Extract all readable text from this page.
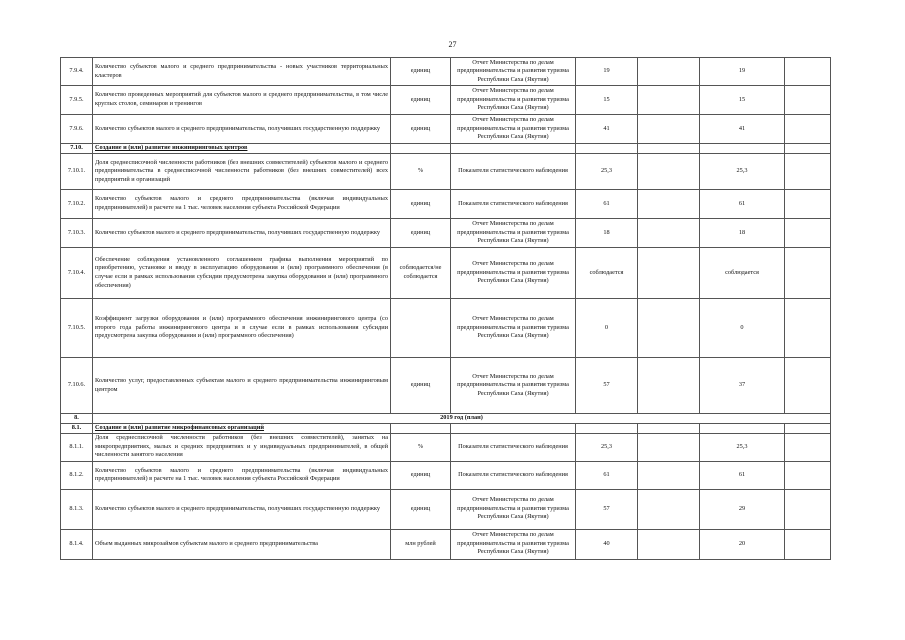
27
7.9.4.	Количество субъектов малого и среднего предпринимательства - новых участников территориальных кластеров	единиц	Отчет Министерства по делам предпринимательства и развития туризма Республики Саха (Якутия)	19		19	
7.9.5.	Количество проведенных мероприятий для субъектов малого и среднего предпринимательства, в том числе круглых столов, семинаров и тренингов	единиц	Отчет Министерства по делам предпринимательства и развития туризма Республики Саха (Якутия)	15		15	
7.9.6.	Количество субъектов малого и среднего предпринимательства, получивших государственную поддержку	единиц	Отчет Министерства по делам предпринимательства и развития туризма Республики Саха (Якутия)	41		41	
7.10.	Создание и (или) развитие инжиниринговых центров						
7.10.1.	Доля среднесписочной численности работников (без внешних совместителей) субъектов малого и среднего предпринимательства в среднесписочной численности работников (без внешних совместителей) всех предприятий и организаций	%	Показатели статистического наблюдения	25,3		25,3	
7.10.2.	Количество субъектов малого и среднего предпринимательства (включая индивидуальных предпринимателей) в расчете на 1 тыс. человек населения субъекта Российской Федерации	единиц	Показатели статистического наблюдения	61		61	
7.10.3.	Количество субъектов малого и среднего предпринимательства, получивших государственную поддержку	единиц	Отчет Министерства по делам предпринимательства и развития туризма Республики Саха (Якутия)	18		18	
7.10.4.	Обеспечение соблюдения установленного соглашением графика выполнения мероприятий по приобретению, установке и вводу в эксплуатацию оборудования и (или) программного обеспечения (в случае если в рамках использования субсидии предусмотрена закупка оборудования и (или) программного обеспечения)	соблюдается/не соблюдается	Отчет Министерства по делам предпринимательства и развития туризма Республики Саха (Якутия)	соблюдается		соблюдается	
7.10.5.	Коэффициент загрузки оборудования и (или) программного обеспечения инжинирингового центра (со второго года работы инжинирингового центра и в случае если в рамках использования субсидии предусмотрена закупка оборудования и (или) программного обеспечения)		Отчет Министерства по делам предпринимательства и развития туризма Республики Саха (Якутия)	0		0	
7.10.6.	Количество услуг, предоставленных субъектам малого и среднего предпринимательства инжиниринговым центром	единиц	Отчет Министерства по делам предпринимательства и развития туризма Республики Саха (Якутия)	57		37	
8.	2019 год (план)						
8.1.	Создание и (или) развитие микрофинансовых организаций						
8.1.1.	Доля среднесписочной численности работников (без внешних совместителей), занятых на микропредприятиях, малых и средних предприятиях и у индивидуальных предпринимателей, в общей численности занятого населения	%	Показатели статистического наблюдения	25,3		25,3	
8.1.2.	Количество субъектов малого и среднего предпринимательства (включая индивидуальных предпринимателей) в расчете на 1 тыс. человек населения субъекта Российской Федерации	единиц	Показатели статистического наблюдения	61		61	
8.1.3.	Количество субъектов малого и среднего предпринимательства, получивших государственную поддержку	единиц	Отчет Министерства по делам предпринимательства и развития туризма Республики Саха (Якутия)	57		29	
8.1.4.	Объем выданных микрозаймов субъектам малого и среднего предпринимательства	млн рублей	Отчет Министерства по делам предпринимательства и развития туризма Республики Саха (Якутия)	40		20	
